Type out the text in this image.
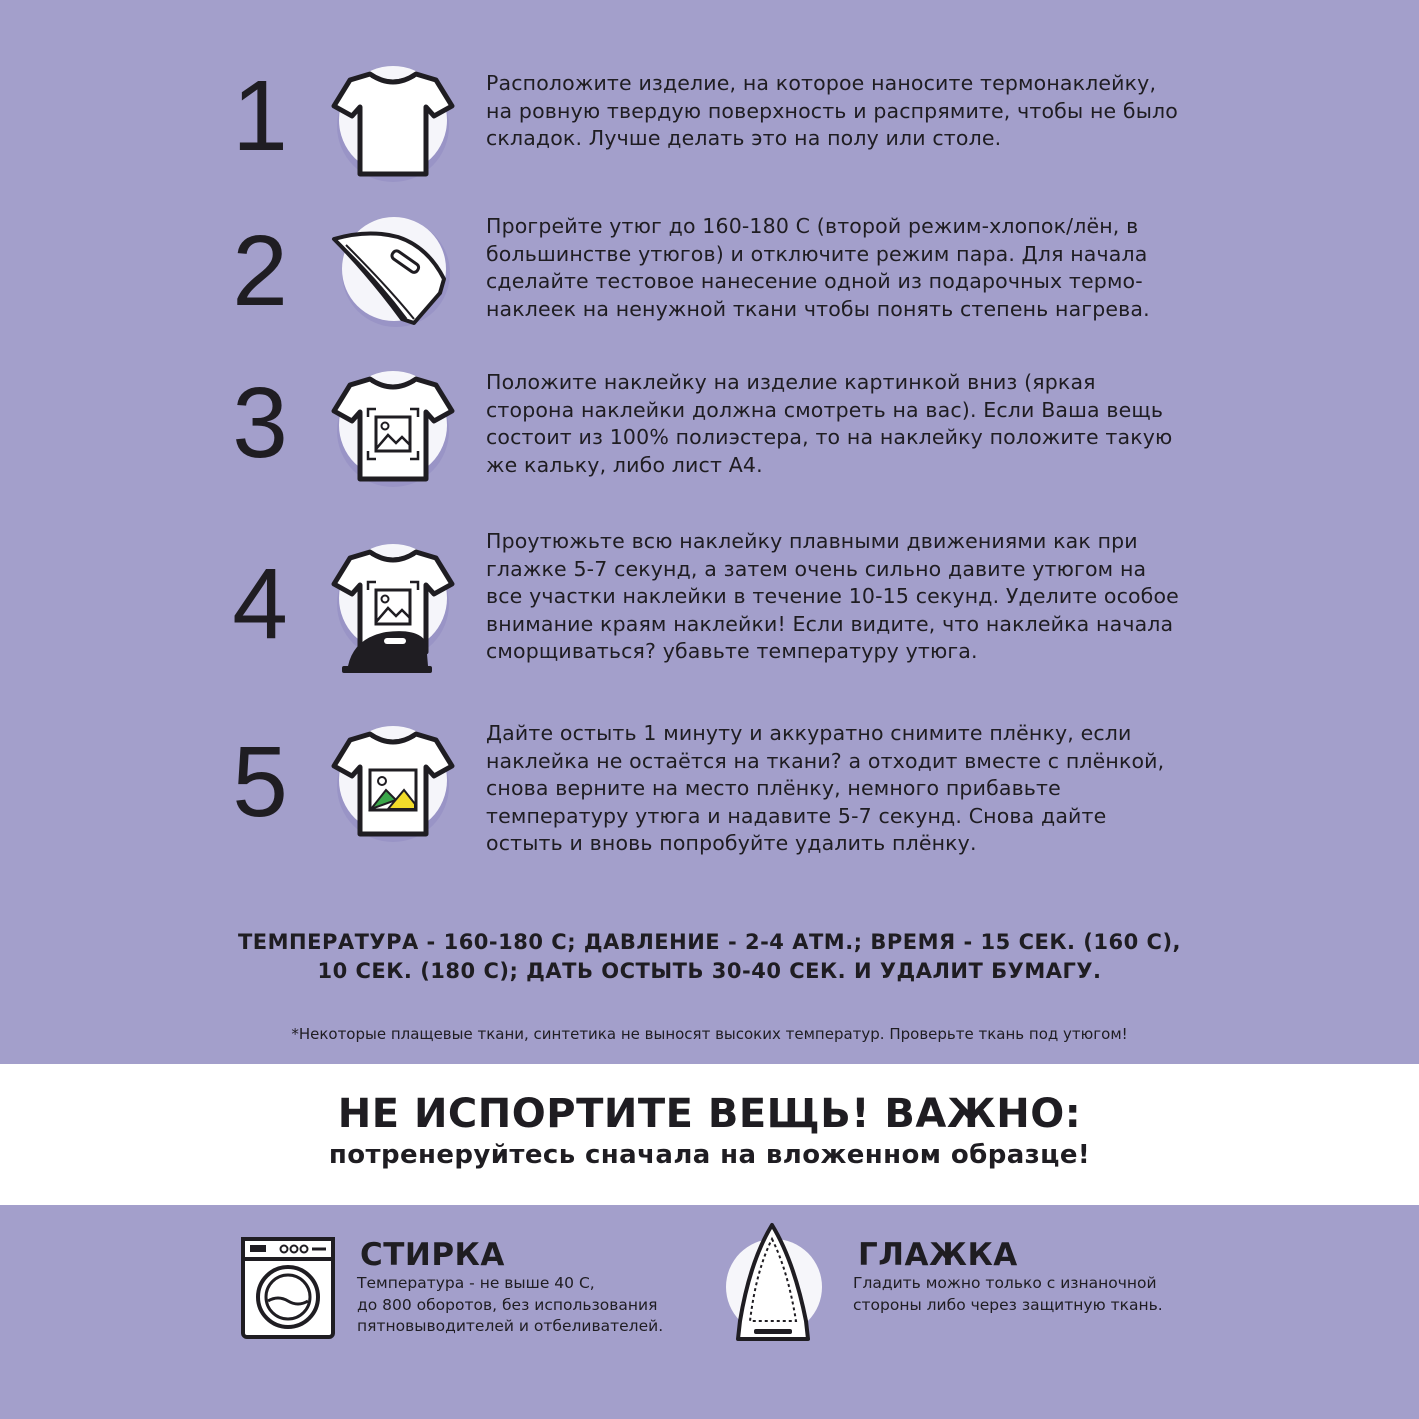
1	Расположите изделие, на которое наносите термонаклейку, на ровную твердую поверхность и распрямите, чтобы не было складок. Лучше делать это на полу или столе.
2	Прогрейте утюг до 160-180 С (второй режим-хлопок/лён, в большинстве утюгов) и отключите режим пара. Для начала сделайте тестовое нанесение одной из подарочных термо-наклеек на ненужной ткани чтобы понять степень нагрева.
3	Положите наклейку на изделие картинкой вниз (яркая сторона наклейки должна смотреть на вас). Если Ваша вещь состоит из 100% полиэстера, то на наклейку положите такую же кальку, либо лист А4.
4
Проутюжьте всю наклейку плавными движениями как при глажке 5-7 секунд, а затем очень сильно давите утюгом на все участки наклейки в течение 10-15 секунд. Уделите особое внимание краям наклейки! Если видите, что наклейка начала сморщиваться? убавьте температуру утюга.
5	Дайте остыть 1 минуту и аккуратно снимите плёнку, если наклейка не остаётся на ткани? а отходит вместе с плёнкой, снова верните на место плёнку, немного прибавьте температуру утюга и надавите 5-7 секунд. Снова дайте остыть и вновь попробуйте удалить плёнку.
ТЕМПЕРАТУРА - 160-180 С; ДАВЛЕНИЕ - 2-4 АТМ.; ВРЕМЯ - 15 СЕК. (160 С),
10 СЕК. (180 С); ДАТЬ ОСТЫТЬ 30-40 СЕК. И УДАЛИТ БУМАГУ.
*Некоторые плащевые ткани, синтетика не выносят высоких температур. Проверьте ткань под утюгом!
НЕ ИСПОРТИТЕ ВЕЩЬ! ВАЖНО:
потренеруйтесь сначала на вложенном образце!
СТИРКА
Температура - не выше 40 С,
до 800 оборотов, без использования
пятновыводителей и отбеливателей.
ГЛАЖКА
Гладить можно только с изнаночной
стороны либо через защитную ткань.
